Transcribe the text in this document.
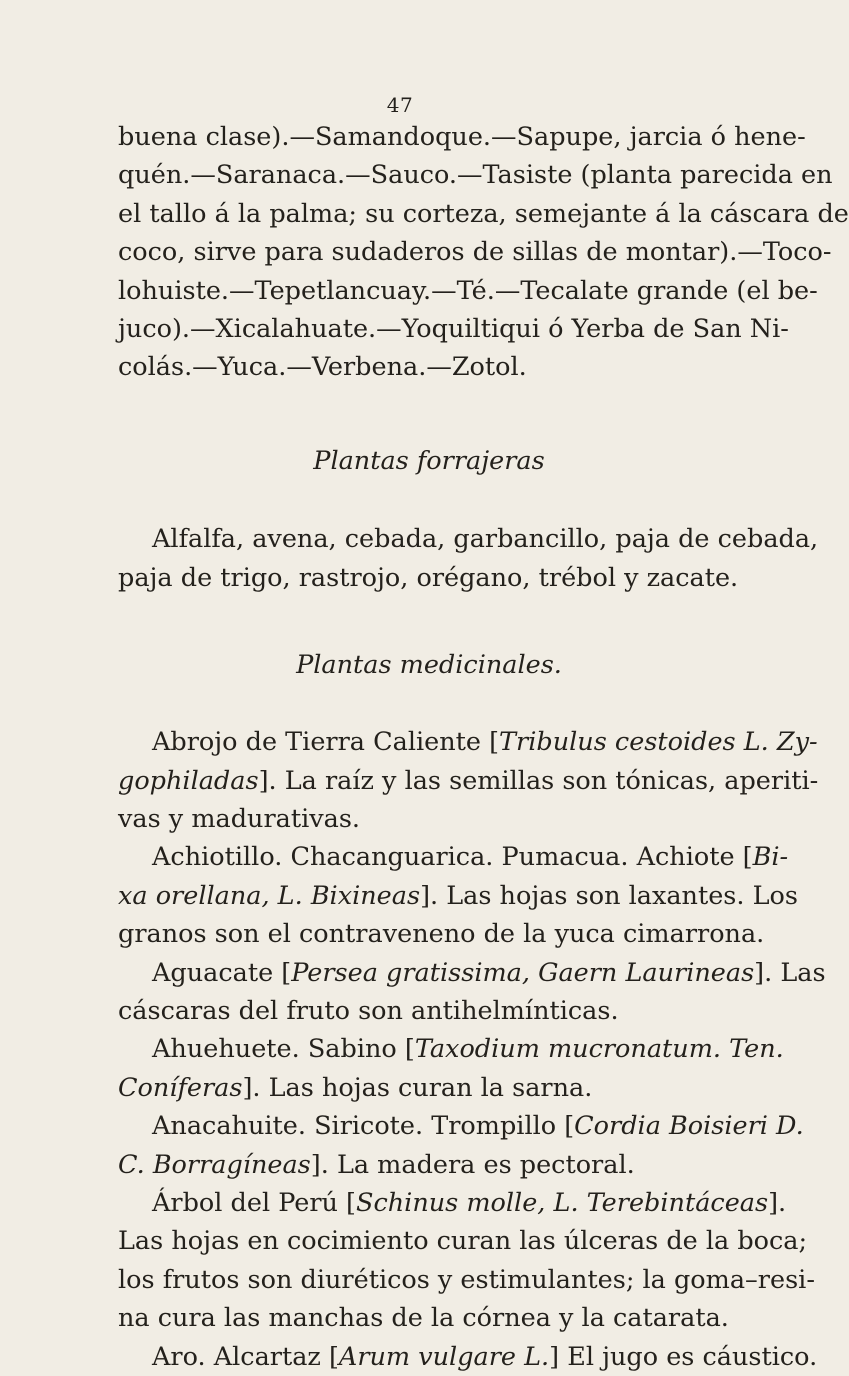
47
buena clase).—Samandoque.—Sapupe, jarcia ó hene-
quén.—Saranaca.—Sauco.—Tasiste (planta parecida en
el tallo á la palma; su corteza, semejante á la cáscara de
coco, sirve para sudaderos de sillas de montar).—Toco-
lohuiste.—Tepetlancuay.—Té.—Tecalate grande (el be-
juco).—Xicalahuate.—Yoquiltiqui ó Yerba de San Ni-
colás.—Yuca.—Verbena.—Zotol.
Plantas forrajeras
Alfalfa, avena, cebada, garbancillo, paja de cebada,
paja de trigo, rastrojo, orégano, trébol y zacate.
Plantas medicinales.
Abrojo de Tierra Caliente [Tribulus cestoides L. Zy-
gophiladas]. La raíz y las semillas son tónicas, aperiti-
vas y madurativas.
Achiotillo. Chacanguarica. Pumacua. Achiote [Bi-
xa orellana, L. Bixineas]. Las hojas son laxantes. Los
granos son el contraveneno de la yuca cimarrona.
Aguacate [Persea gratissima, Gaern Laurineas]. Las
cáscaras del fruto son antihelmínticas.
Ahuehuete. Sabino [Taxodium mucronatum. Ten.
Coníferas]. Las hojas curan la sarna.
Anacahuite. Siricote. Trompillo [Cordia Boisieri D.
C. Borragíneas]. La madera es pectoral.
Árbol del Perú [Schinus molle, L. Terebintáceas].
Las hojas en cocimiento curan las úlceras de la boca;
los frutos son diuréticos y estimulantes; la goma–resi-
na cura las manchas de la córnea y la catarata.
Aro. Alcartaz [Arum vulgare L.] El jugo es cáustico.
